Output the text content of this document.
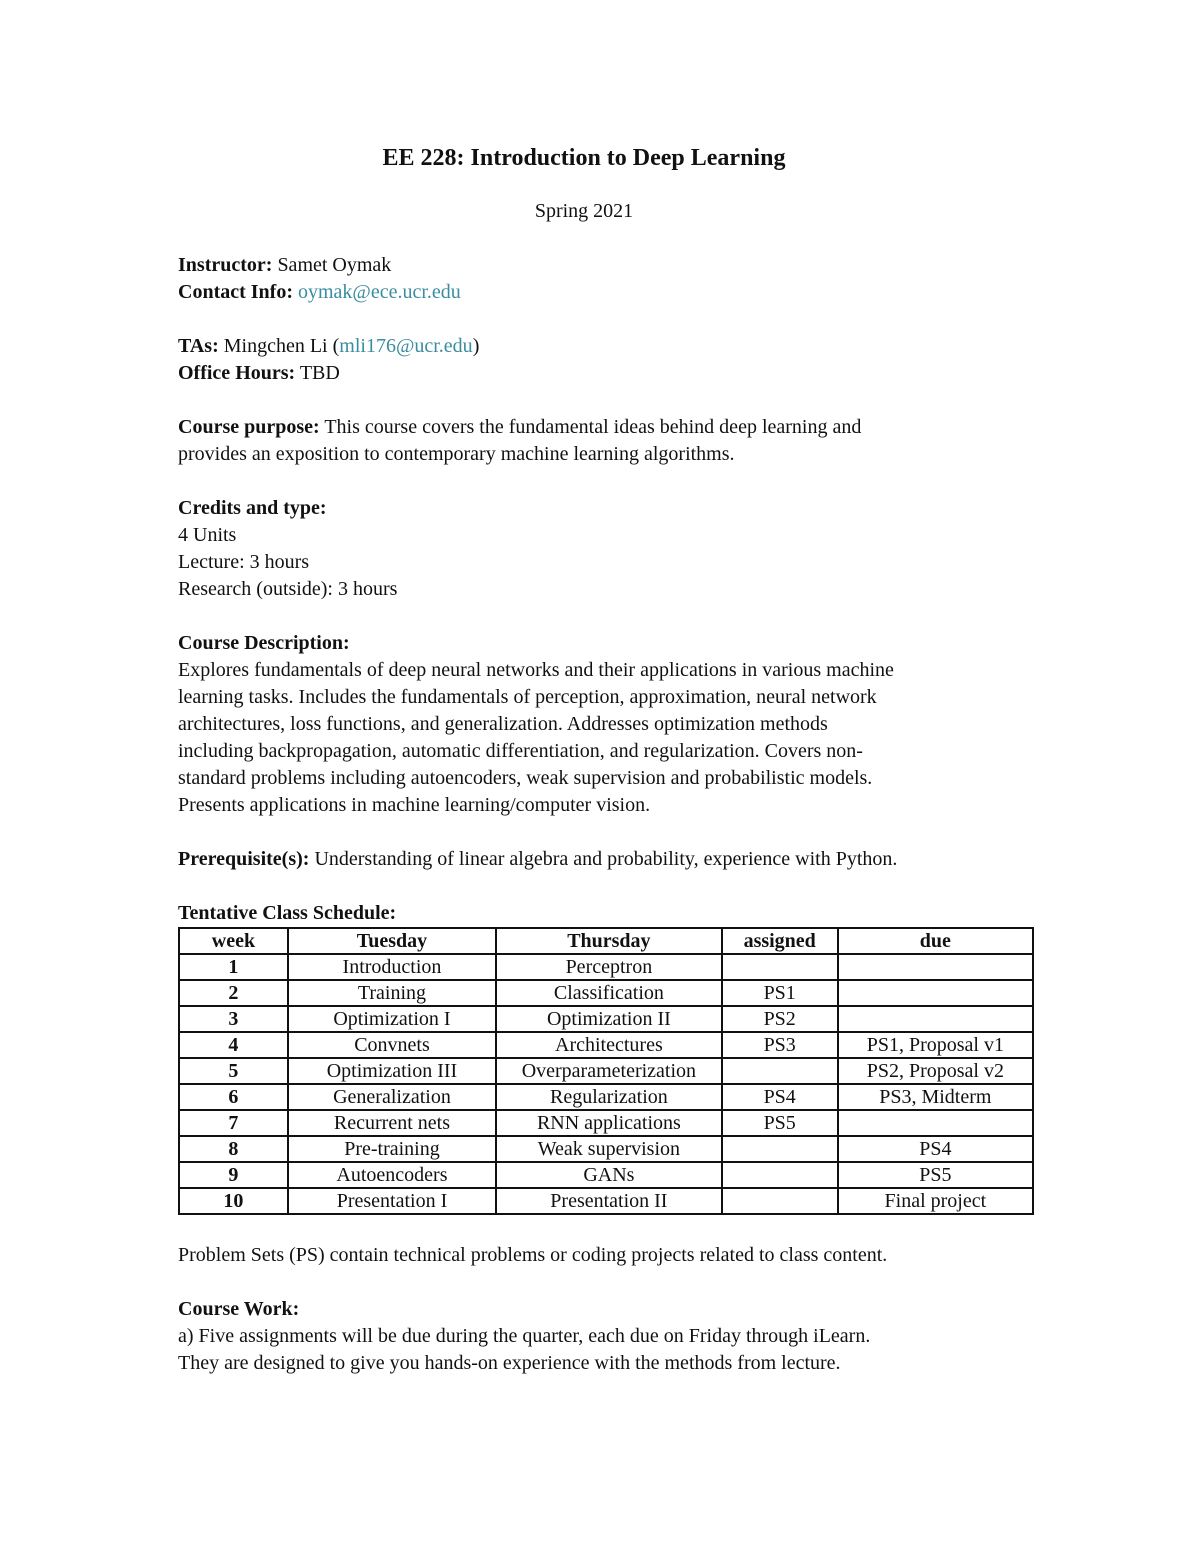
EE 228: Introduction to Deep Learning

Spring 2021

Instructor: Samet Oymak

Contact Info: oymak@ece.ucr.edu

TAs: Mingchen Li (mli176@ucr.edu)

Office Hours: TBD

Course purpose: This course covers the fundamental ideas behind deep learning and

provides an exposition to contemporary machine learning algorithms.

Credits and type:

4 Units

Lecture: 3 hours

Research (outside): 3 hours

Course Description:

Explores fundamentals of deep neural networks and their applications in various machine

learning tasks. Includes the fundamentals of perception, approximation, neural network

architectures, loss functions, and generalization. Addresses optimization methods

including backpropagation, automatic differentiation, and regularization. Covers non-

standard problems including autoencoders, weak supervision and probabilistic models.

Presents applications in machine learning/computer vision.

Prerequisite(s): Understanding of linear algebra and probability, experience with Python.

Tentative Class Schedule:

week	Tuesday	Thursday	assigned	due
1	Introduction	Perceptron		
2	Training	Classification	PS1	
3	Optimization I	Optimization II	PS2	
4	Convnets	Architectures	PS3	PS1, Proposal v1
5	Optimization III	Overparameterization		PS2, Proposal v2
6	Generalization	Regularization	PS4	PS3, Midterm
7	Recurrent nets	RNN applications	PS5	
8	Pre-training	Weak supervision		PS4
9	Autoencoders	GANs		PS5
10	Presentation I	Presentation II		Final project

Problem Sets (PS) contain technical problems or coding projects related to class content.

Course Work:

a) Five assignments will be due during the quarter, each due on Friday through iLearn.

They are designed to give you hands-on experience with the methods from lecture.
